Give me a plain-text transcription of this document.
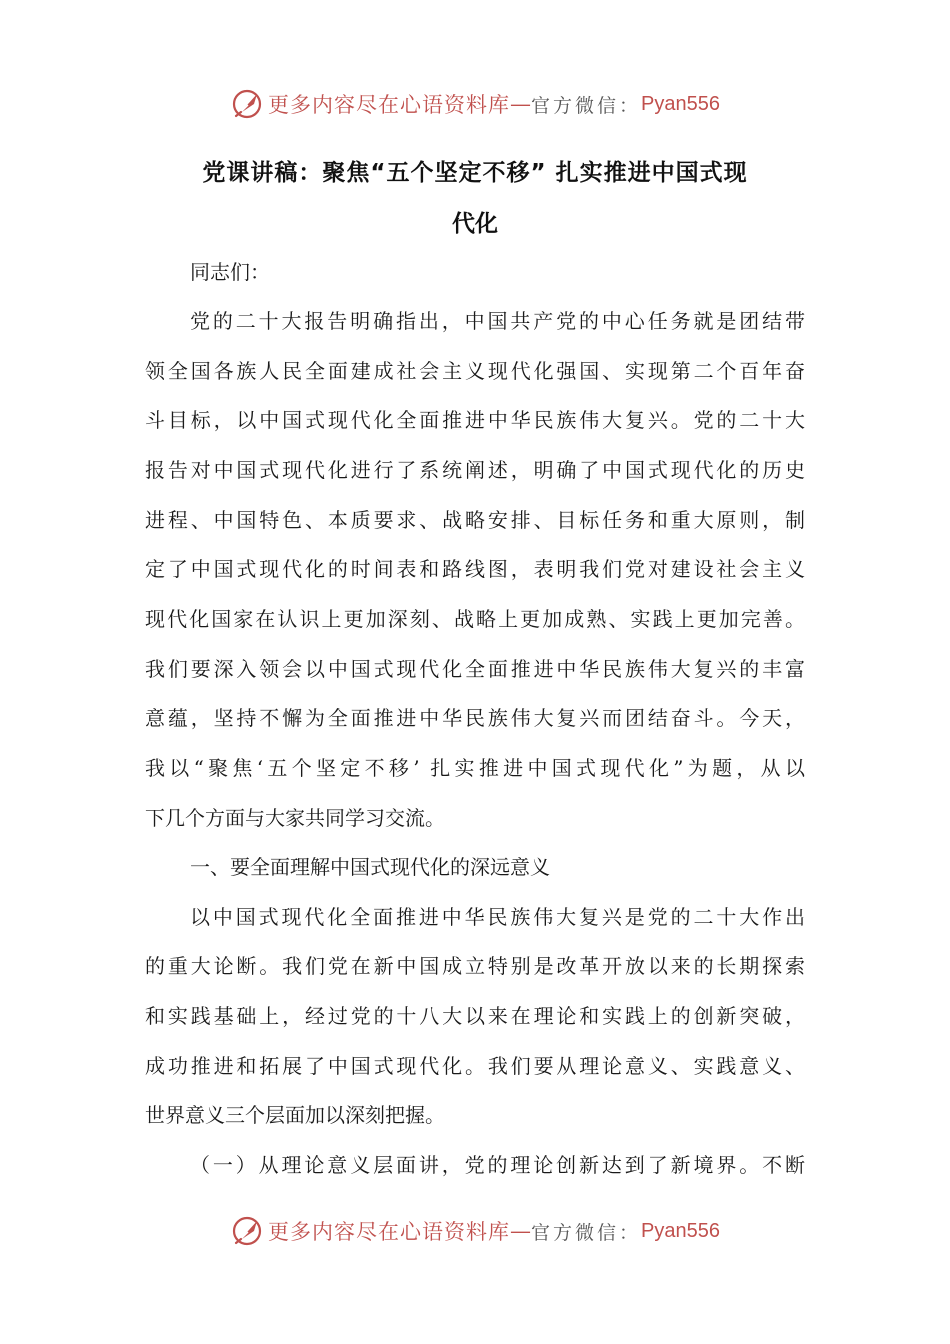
更多内容尽在心语资料库 — 官方微信： Pyan556
党课讲稿：聚焦“五个坚定不移” 扎实推进中国式现
代化
同志们：
党的二十大报告明确指出，中国共产党的中心任务就是团结带
领全国各族人民全面建成社会主义现代化强国、实现第二个百年奋
斗目标，以中国式现代化全面推进中华民族伟大复兴。党的二十大
报告对中国式现代化进行了系统阐述，明确了中国式现代化的历史
进程、中国特色、本质要求、战略安排、目标任务和重大原则，制
定了中国式现代化的时间表和路线图，表明我们党对建设社会主义
现代化国家在认识上更加深刻、战略上更加成熟、实践上更加完善。
我们要深入领会以中国式现代化全面推进中华民族伟大复兴的丰富
意蕴，坚持不懈为全面推进中华民族伟大复兴而团结奋斗。今天，
我以“聚焦‘五个坚定不移’ 扎实推进中国式现代化”为题，从以
下几个方面与大家共同学习交流。
一、要全面理解中国式现代化的深远意义
以中国式现代化全面推进中华民族伟大复兴是党的二十大作出
的重大论断。我们党在新中国成立特别是改革开放以来的长期探索
和实践基础上，经过党的十八大以来在理论和实践上的创新突破，
成功推进和拓展了中国式现代化。我们要从理论意义、实践意义、
世界意义三个层面加以深刻把握。
（一）从理论意义层面讲，党的理论创新达到了新境界。不断
更多内容尽在心语资料库 — 官方微信： Pyan556
